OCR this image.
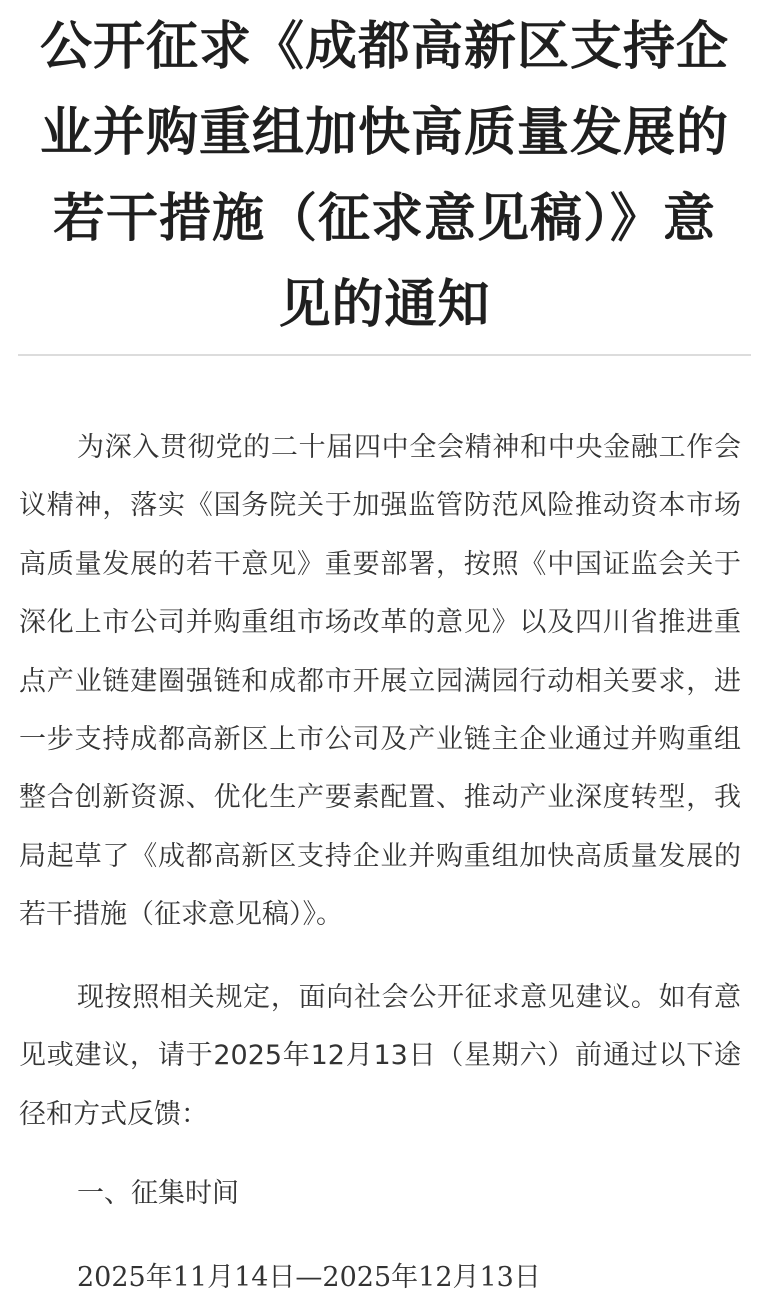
公开征求《成都高新区支持企业并购重组加快高质量发展的若干措施（征求意见稿）》意见的通知

为深入贯彻党的二十届四中全会精神和中央金融工作会议精神，落实《国务院关于加强监管防范风险推动资本市场高质量发展的若干意见》重要部署，按照《中国证监会关于深化上市公司并购重组市场改革的意见》以及四川省推进重点产业链建圈强链和成都市开展立园满园行动相关要求，进一步支持成都高新区上市公司及产业链主企业通过并购重组整合创新资源、优化生产要素配置、推动产业深度转型，我局起草了《成都高新区支持企业并购重组加快高质量发展的若干措施（征求意见稿）》。

现按照相关规定，面向社会公开征求意见建议。如有意见或建议，请于2025年12月13日（星期六）前通过以下途径和方式反馈：

一、征集时间

2025年11月14日—2025年12月13日
